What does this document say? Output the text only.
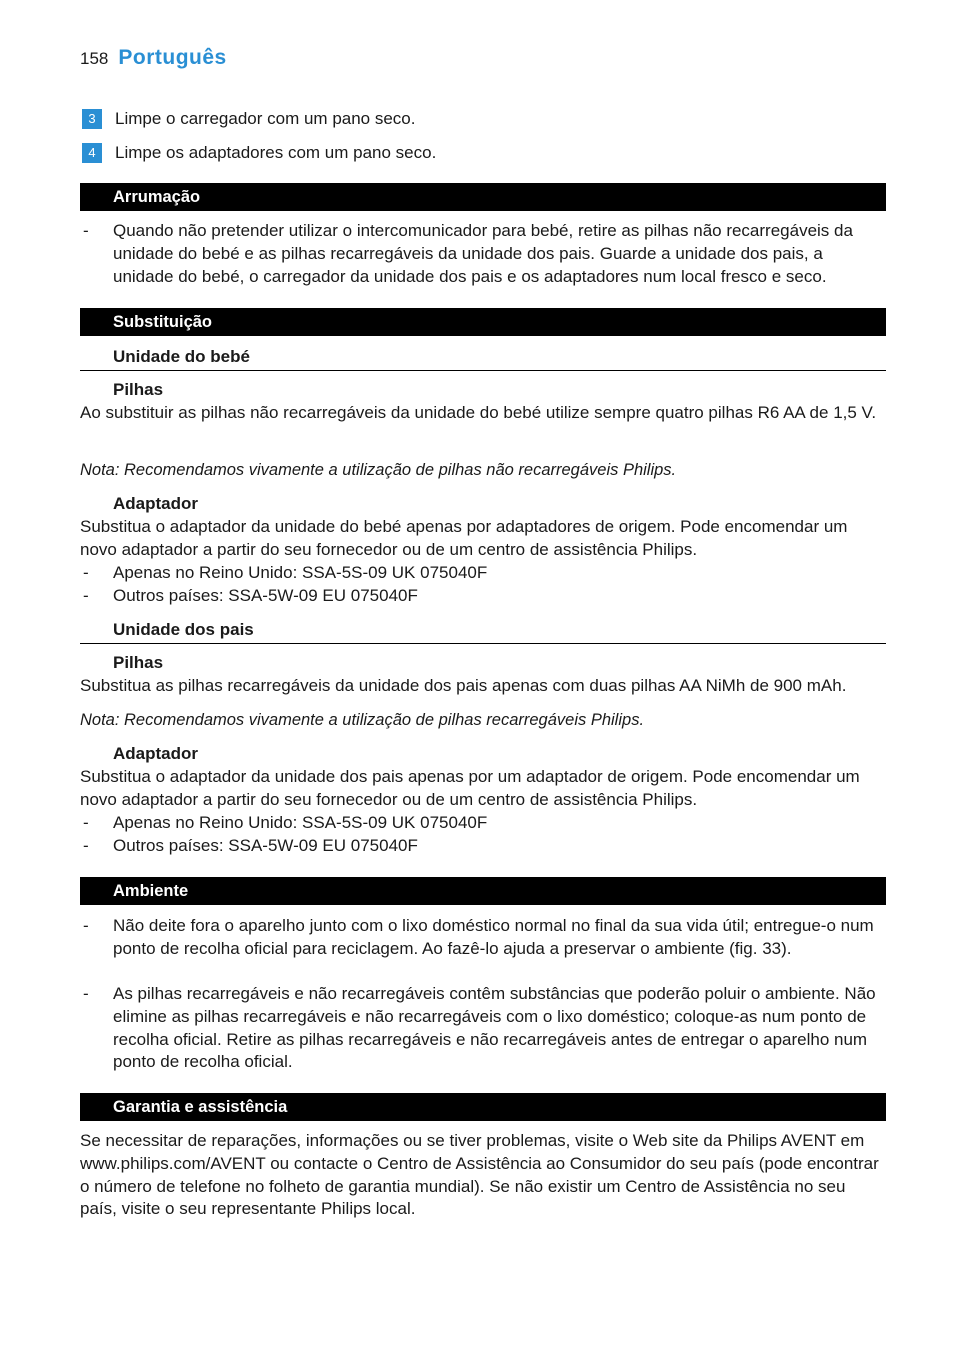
158 Português
3	Limpe o carregador com um pano seco.
4	Limpe os adaptadores com um pano seco.
Arrumação
-	Quando não pretender utilizar o intercomunicador para bebé, retire as pilhas não recarregáveis da unidade do bebé e as pilhas recarregáveis da unidade dos pais. Guarde a unidade dos pais, a unidade do bebé, o carregador da unidade dos pais e os adaptadores num local fresco e seco.
Substituição
Unidade do bebé
Pilhas
Ao substituir as pilhas não recarregáveis da unidade do bebé utilize sempre quatro pilhas R6 AA de 1,5 V.
Nota: Recomendamos vivamente a utilização de pilhas não recarregáveis Philips.
Adaptador
Substitua o adaptador da unidade do bebé apenas por adaptadores de origem. Pode encomendar um novo adaptador a partir do seu fornecedor ou de um centro de assistência Philips.
-	Apenas no Reino Unido: SSA-5S-09 UK 075040F
-	Outros países: SSA-5W-09 EU 075040F
Unidade dos pais
Pilhas
Substitua as pilhas recarregáveis da unidade dos pais apenas com duas pilhas AA NiMh de 900 mAh.
Nota: Recomendamos vivamente a utilização de pilhas recarregáveis Philips.
Adaptador
Substitua o adaptador da unidade dos pais apenas por um adaptador de origem. Pode encomendar um novo adaptador a partir do seu fornecedor ou de um centro de assistência Philips.
-	Apenas no Reino Unido: SSA-5S-09 UK 075040F
-	Outros países: SSA-5W-09 EU 075040F
Ambiente
-	Não deite fora o aparelho junto com o lixo doméstico normal no final da sua vida útil; entregue-o num ponto de recolha oficial para reciclagem. Ao fazê-lo ajuda a preservar o ambiente (fig. 33).
-	As pilhas recarregáveis e não recarregáveis contêm substâncias que poderão poluir o ambiente. Não elimine as pilhas recarregáveis e não recarregáveis com o lixo doméstico; coloque-as num ponto de recolha oficial. Retire as pilhas recarregáveis e não recarregáveis antes de entregar o aparelho num ponto de recolha oficial.
Garantia e assistência
Se necessitar de reparações, informações ou se tiver problemas, visite o Web site da Philips AVENT em www.philips.com/AVENT ou contacte o Centro de Assistência ao Consumidor do seu país (pode encontrar o número de telefone no folheto de garantia mundial). Se não existir um Centro de Assistência no seu país, visite o seu representante Philips local.
